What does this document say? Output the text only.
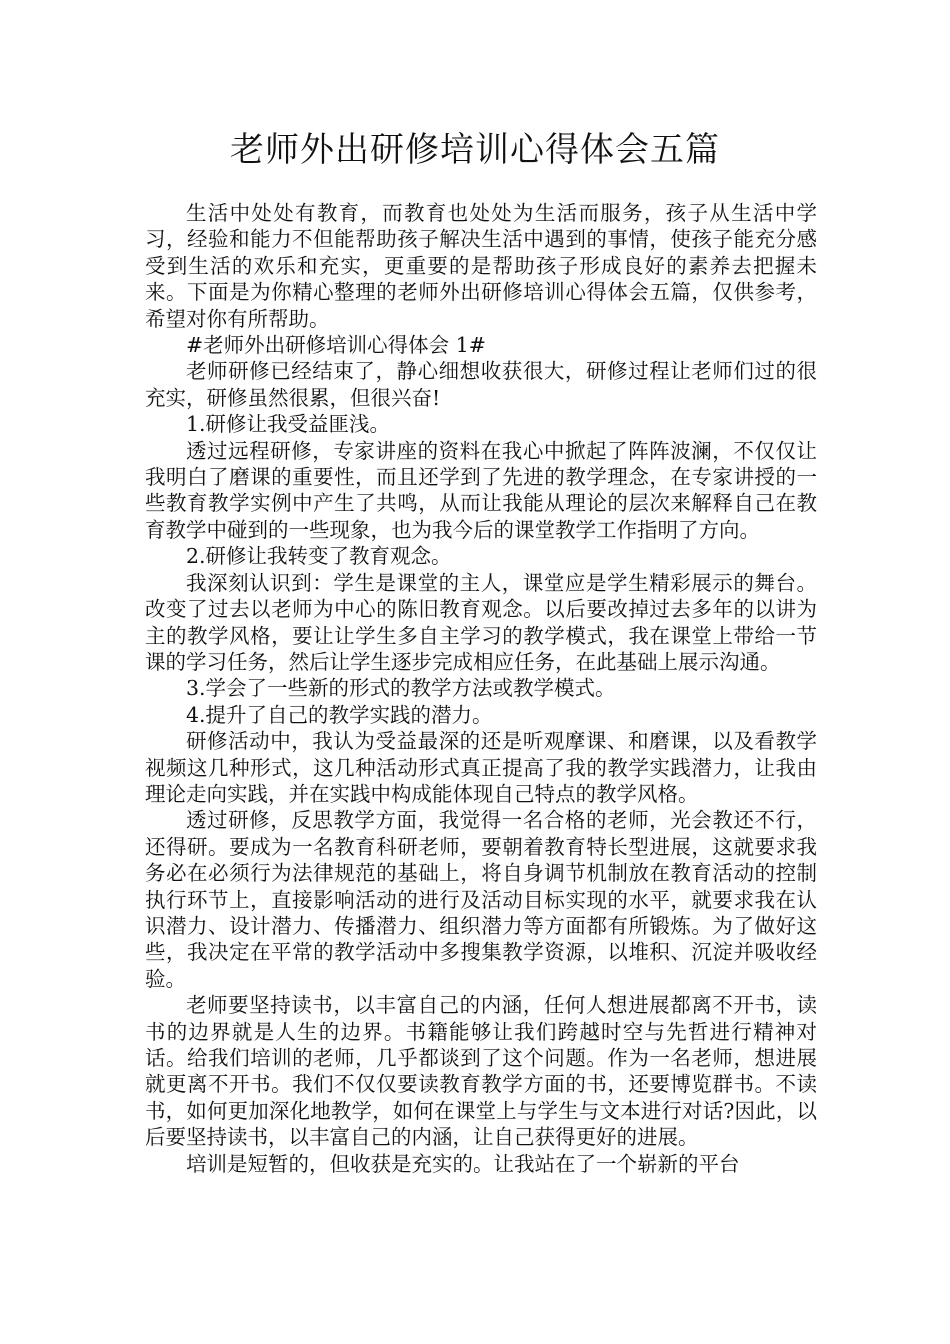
老师外出研修培训心得体会五篇

生活中处处有教育，而教育也处处为生活而服务，孩子从生活中学习，经验和能力不但能帮助孩子解决生活中遇到的事情，使孩子能充分感受到生活的欢乐和充实，更重要的是帮助孩子形成良好的素养去把握未来。下面是为你精心整理的老师外出研修培训心得体会五篇，仅供参考，希望对你有所帮助。

#老师外出研修培训心得体会 1#

老师研修已经结束了，静心细想收获很大，研修过程让老师们过的很充实，研修虽然很累，但很兴奋!

1.研修让我受益匪浅。

透过远程研修，专家讲座的资料在我心中掀起了阵阵波澜，不仅仅让我明白了磨课的重要性，而且还学到了先进的教学理念，在专家讲授的一些教育教学实例中产生了共鸣，从而让我能从理论的层次来解释自己在教育教学中碰到的一些现象，也为我今后的课堂教学工作指明了方向。

2.研修让我转变了教育观念。

我深刻认识到：学生是课堂的主人，课堂应是学生精彩展示的舞台。改变了过去以老师为中心的陈旧教育观念。以后要改掉过去多年的以讲为主的教学风格，要让让学生多自主学习的教学模式，我在课堂上带给一节课的学习任务，然后让学生逐步完成相应任务，在此基础上展示沟通。

3.学会了一些新的形式的教学方法或教学模式。

4.提升了自己的教学实践的潜力。

研修活动中，我认为受益最深的还是听观摩课、和磨课，以及看教学视频这几种形式，这几种活动形式真正提高了我的教学实践潜力，让我由理论走向实践，并在实践中构成能体现自己特点的教学风格。

透过研修，反思教学方面，我觉得一名合格的老师，光会教还不行，还得研。要成为一名教育科研老师，要朝着教育特长型进展，这就要求我务必在必须行为法律规范的基础上，将自身调节机制放在教育活动的控制执行环节上，直接影响活动的进行及活动目标实现的水平，就要求我在认识潜力、设计潜力、传播潜力、组织潜力等方面都有所锻炼。为了做好这些，我决定在平常的教学活动中多搜集教学资源，以堆积、沉淀并吸收经验。

老师要坚持读书，以丰富自己的内涵，任何人想进展都离不开书，读书的边界就是人生的边界。书籍能够让我们跨越时空与先哲进行精神对话。给我们培训的老师，几乎都谈到了这个问题。作为一名老师，想进展就更离不开书。我们不仅仅要读教育教学方面的书，还要博览群书。不读书，如何更加深化地教学，如何在课堂上与学生与文本进行对话?因此，以后要坚持读书，以丰富自己的内涵，让自己获得更好的进展。

培训是短暂的，但收获是充实的。让我站在了一个崭新的平台
